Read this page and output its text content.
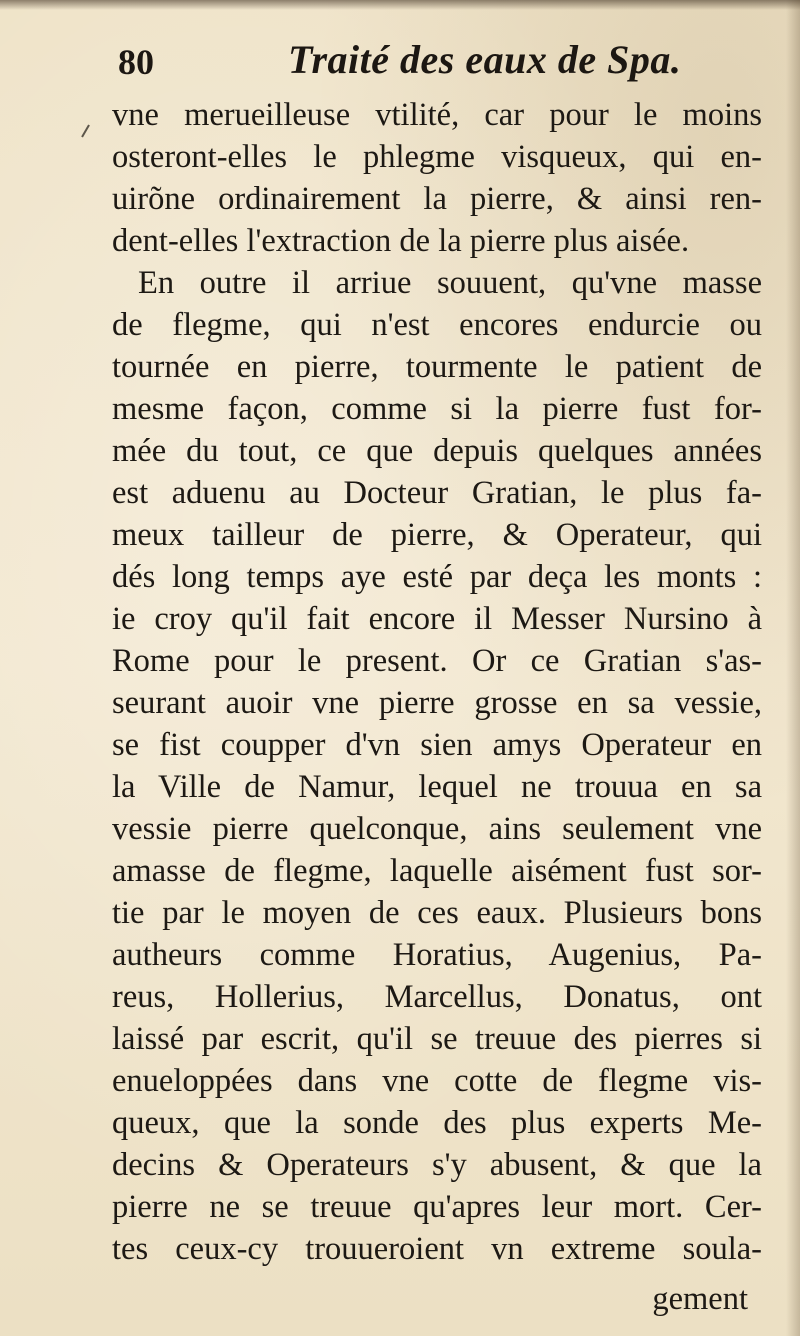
80	Traité des eaux de Spa.
vne merueilleuse vtilité, car pour le moins
osteront-elles le phlegme visqueux, qui en-
uirõne ordinairement la pierre, & ainsi ren-
dent-elles l'extraction de la pierre plus aisée.
En outre il arriue souuent, qu'vne masse
de flegme, qui n'est encores endurcie ou
tournée en pierre, tourmente le patient de
mesme façon, comme si la pierre fust for-
mée du tout, ce que depuis quelques années
est aduenu au Docteur Gratian, le plus fa-
meux tailleur de pierre, & Operateur, qui
dés long temps aye esté par deça les monts :
ie croy qu'il fait encore il Messer Nursino à
Rome pour le present. Or ce Gratian s'as-
seurant auoir vne pierre grosse en sa vessie,
se fist coupper d'vn sien amys Operateur en
la Ville de Namur, lequel ne trouua en sa
vessie pierre quelconque, ains seulement vne
amasse de flegme, laquelle aisément fust sor-
tie par le moyen de ces eaux. Plusieurs bons
autheurs comme Horatius, Augenius, Pa-
reus, Hollerius, Marcellus, Donatus, ont
laissé par escrit, qu'il se treuue des pierres si
enueloppées dans vne cotte de flegme vis-
queux, que la sonde des plus experts Me-
decins & Operateurs s'y abusent, & que la
pierre ne se treuue qu'apres leur mort. Cer-
tes ceux-cy trouueroient vn extreme soula-
gement
